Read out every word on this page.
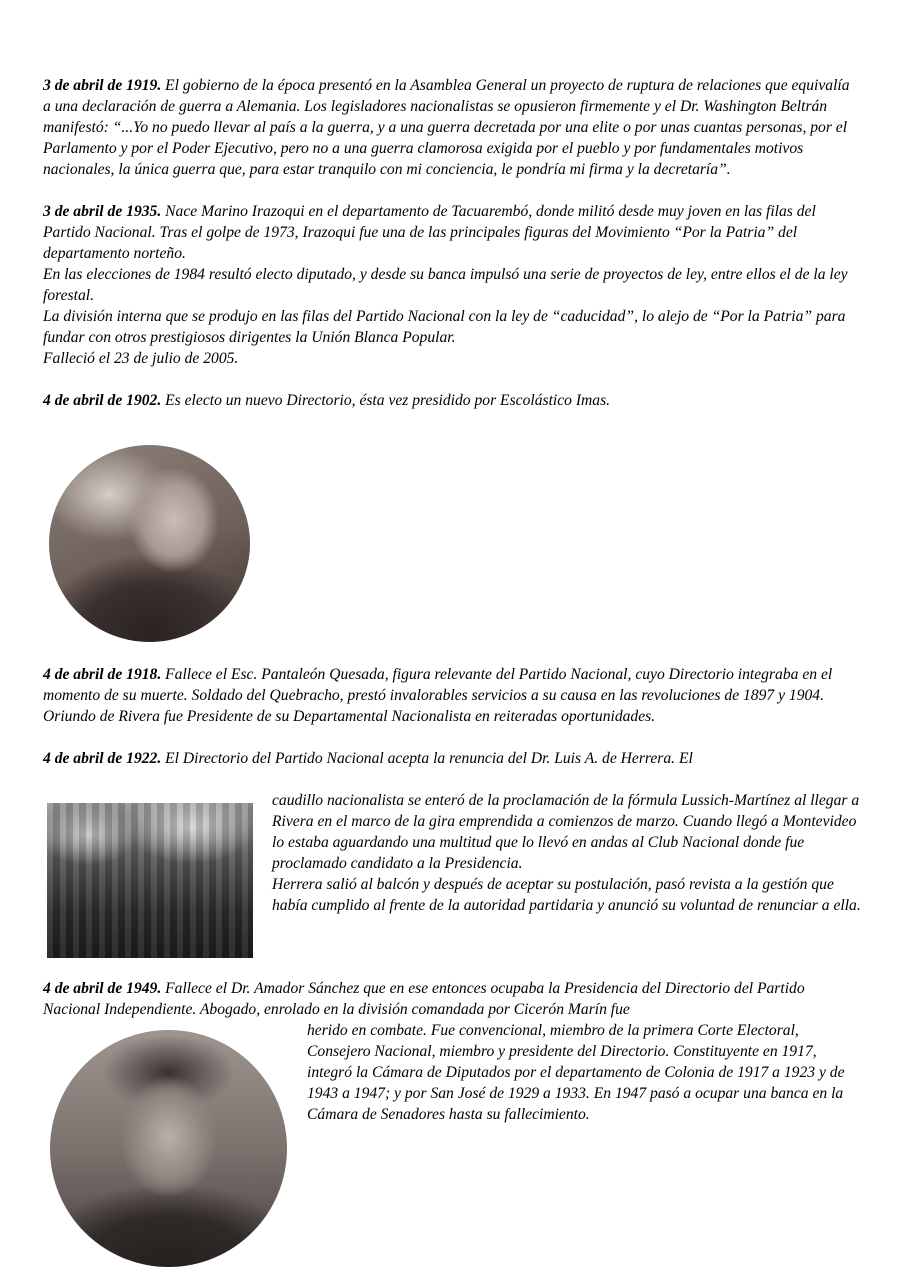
3 de abril de 1919. El gobierno de la época presentó en la Asamblea General un proyecto de ruptura de relaciones que equivalía a una declaración de guerra a Alemania. Los legisladores nacionalistas se opusieron firmemente y el Dr. Washington Beltrán manifestó: “...Yo no puedo llevar al país a la guerra, y a una guerra decretada por una elite o por unas cuantas personas, por el Parlamento y por el Poder Ejecutivo, pero no a una guerra clamorosa exigida por el pueblo y por fundamentales motivos nacionales, la única guerra que, para estar tranquilo con mi conciencia, le pondría mi firma y la decretaría”.

3 de abril de 1935. Nace Marino Irazoqui en el departamento de Tacuarembó, donde militó desde muy joven en las filas del Partido Nacional. Tras el golpe de 1973, Irazoqui fue una de las principales figuras del Movimiento “Por la Patria” del departamento norteño.

En las elecciones de 1984 resultó electo diputado, y desde su banca impulsó una serie de proyectos de ley, entre ellos el de la ley forestal.

La división interna que se produjo en las filas del Partido Nacional con la ley de “caducidad”, lo alejo de “Por la Patria” para fundar con otros prestigiosos dirigentes la Unión Blanca Popular.

Falleció el 23 de julio de 2005.

4 de abril de 1902. Es electo un nuevo Directorio, ésta vez presidido por Escolástico Imas.

4 de abril de 1918. Fallece el Esc. Pantaleón Quesada, figura relevante del Partido Nacional, cuyo Directorio integraba en el momento de su muerte. Soldado del Quebracho, prestó invalorables servicios a su causa en las revoluciones de 1897 y 1904. Oriundo de Rivera fue Presidente de su Departamental Nacionalista en reiteradas oportunidades.

4 de abril de 1922. El Directorio del Partido Nacional acepta la renuncia del Dr. Luis A. de Herrera. El

caudillo nacionalista se enteró de la proclamación de la fórmula Lussich-Martínez al llegar a Rivera en el marco de la gira emprendida a comienzos de marzo. Cuando llegó a Montevideo lo estaba aguardando una multitud que lo llevó en andas al Club Nacional donde fue proclamado candidato a la Presidencia.

Herrera salió al balcón y después de aceptar su postulación, pasó revista a la gestión que había cumplido al frente de la autoridad partidaria y anunció su voluntad de renunciar a ella.

4 de abril de 1949. Fallece el Dr. Amador Sánchez que en ese entonces ocupaba la Presidencia del Directorio del Partido Nacional Independiente. Abogado, enrolado en la división comandada por Cicerón Marín fue

herido en combate. Fue convencional, miembro de la primera Corte Electoral, Consejero Nacional, miembro y presidente del Directorio. Constituyente en 1917, integró la Cámara de Diputados por el departamento de Colonia de 1917 a 1923 y de 1943 a 1947; y por San José de 1929 a 1933. En 1947 pasó a ocupar una banca en la Cámara de Senadores hasta su fallecimiento.
